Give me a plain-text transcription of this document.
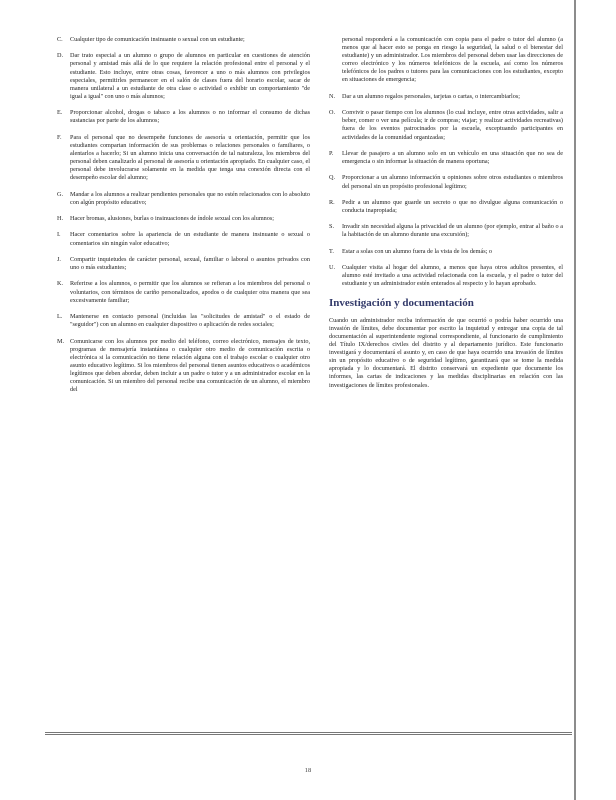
C.	Cualquier tipo de comunicación insinuante o sexual con un estudiante;
D.	Dar trato especial a un alumno o grupo de alumnos en particular en cuestiones de atención personal y amistad más allá de lo que requiere la relación profesional entre el personal y el estudiante. Esto incluye, entre otras cosas, favorecer a uno o más alumnos con privilegios especiales, permitirles permanecer en el salón de clases fuera del horario escolar, sacar de manera unilateral a un estudiante de otra clase o actividad o exhibir un comportamiento "de igual a igual" con uno o más alumnos;
E.	Proporcionar alcohol, drogas o tabaco a los alumnos o no informar el consumo de dichas sustancias por parte de los alumnos;
F.	Para el personal que no desempeñe funciones de asesoría u orientación, permitir que los estudiantes compartan información de sus problemas o relaciones personales o familiares, o alentarlos a hacerlo; Si un alumno inicia una conversación de tal naturaleza, los miembros del personal deben canalizarlo al personal de asesoría u orientación apropiado. En cualquier caso, el personal debe involucrarse solamente en la medida que tenga una conexión directa con el desempeño escolar del alumno;
G.	Mandar a los alumnos a realizar pendientes personales que no estén relacionados con lo absoluto con algún propósito educativo;
H.	Hacer bromas, alusiones, burlas o insinuaciones de índole sexual con los alumnos;
I.	Hacer comentarios sobre la apariencia de un estudiante de manera insinuante o sexual o comentarios sin ningún valor educativo;
J.	Compartir inquietudes de carácter personal, sexual, familiar o laboral o asuntos privados con uno o más estudiantes;
K.	Referirse a los alumnos, o permitir que los alumnos se refieran a los miembros del personal o voluntarios, con términos de cariño personalizados, apodos o de cualquier otra manera que sea excesivamente familiar;
L.	Mantenerse en contacto personal (incluidas las "solicitudes de amistad" o el estado de "seguidor") con un alumno en cualquier dispositivo o aplicación de redes sociales;
M. Comunicarse con los alumnos por medio del teléfono, correo electrónico, mensajes de texto, programas de mensajería instantánea o cualquier otro medio de comunicación escrita o electrónica si la comunicación no tiene relación alguna con el trabajo escolar o cualquier otro asunto educativo legítimo. Si los miembros del personal tienen asuntos educativos o académicos legítimos que deben abordar, deben incluir a un padre o tutor y a un administrador escolar en la comunicación. Si un miembro del personal recibe una comunicación de un alumno, el miembro del
personal responderá a la comunicación con copia para el padre o tutor del alumno (a menos que al hacer esto se ponga en riesgo la seguridad, la salud o el bienestar del estudiante) y un administrador. Los miembros del personal deben usar las direcciones de correo electrónico y los números telefónicos de la escuela, así como los números telefónicos de los padres o tutores para las comunicaciones con los estudiantes, excepto en situaciones de emergencia;
N.	Dar a un alumno regalos personales, tarjetas o cartas, o intercambiarlos;
O.	Convivir o pasar tiempo con los alumnos (lo cual incluye, entre otras actividades, salir a beber, comer o ver una película; ir de compras; viajar; y realizar actividades recreativas) fuera de los eventos patrocinados por la escuela, exceptuando participantes en actividades de la comunidad organizadas;
P.	Llevar de pasajero a un alumno solo en un vehículo en una situación que no sea de emergencia o sin informar la situación de manera oportuna;
Q.	Proporcionar a un alumno información u opiniones sobre otros estudiantes o miembros del personal sin un propósito profesional legítimo;
R.	Pedir a un alumno que guarde un secreto o que no divulgue alguna comunicación o conducta inapropiada;
S.	Invadir sin necesidad alguna la privacidad de un alumno (por ejemplo, entrar al baño o a la habitación de un alumno durante una excursión);
T.	Estar a solas con un alumno fuera de la vista de los demás; o
U.	Cualquier visita al hogar del alumno, a menos que haya otros adultos presentes, el alumno esté invitado a una actividad relacionada con la escuela, y el padre o tutor del estudiante y un administrador estén enterados al respecto y lo hayan aprobado.
Investigación y documentación
Cuando un administrador reciba información de que ocurrió o podría haber ocurrido una invasión de límites, debe documentar por escrito la inquietud y entregar una copia de tal documentación al superintendente regional correspondiente, al funcionario de cumplimiento del Título IX/derechos civiles del distrito y al departamento jurídico. Este funcionario investigará y documentará el asunto y, en caso de que haya ocurrido una invasión de límites sin un propósito educativo o de seguridad legítimo, garantizará que se tome la medida apropiada y lo documentará. El distrito conservará un expediente que documente los informes, las cartas de indicaciones y las medidas disciplinarias en relación con las investigaciones de límites profesionales.
18
